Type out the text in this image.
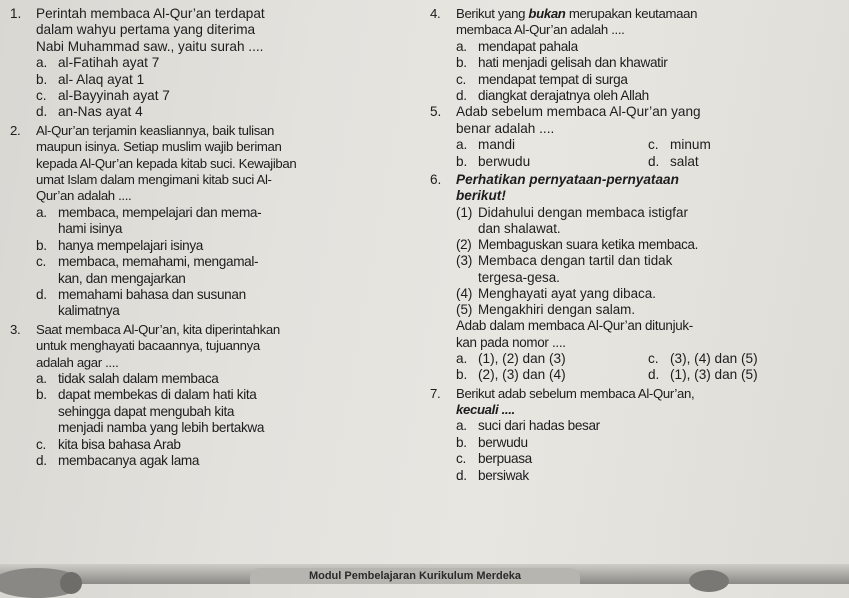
1.	Perintah membaca Al-Qur’an terdapat
dalam wahyu pertama yang diterima
Nabi Muhammad saw., yaitu surah ....
a. al-Fatihah ayat 7
b. al- Alaq ayat 1
c. al-Bayyinah ayat 7
d. an-Nas ayat 4
2.	Al-Qur’an terjamin keasliannya, baik tulisan
maupun isinya. Setiap muslim wajib beriman
kepada Al-Qur’an kepada kitab suci. Kewajiban
umat Islam dalam mengimani kitab suci Al-
Qur’an adalah ....
a. membaca, mempelajari dan mema-
hami isinya
b. hanya mempelajari isinya
c. membaca, memahami, mengamal-
kan, dan mengajarkan
d. memahami bahasa dan susunan
kalimatnya
3.	Saat membaca Al-Qur’an, kita diperintahkan
untuk menghayati bacaannya, tujuannya
adalah agar ....
a. tidak salah dalam membaca
b. dapat membekas di dalam hati kita
sehingga dapat mengubah kita
menjadi namba yang lebih bertakwa
c. kita bisa bahasa Arab
d. membacanya agak lama
4.	Berikut yang bukan merupakan keutamaan
membaca Al-Qur’an adalah ....
a. mendapat pahala
b. hati menjadi gelisah dan khawatir
c. mendapat tempat di surga
d. diangkat derajatnya oleh Allah
5.	Adab sebelum membaca Al-Qur’an yang
benar adalah ....
a. mandi	c. minum
b. berwudu	d. salat
6.	Perhatikan pernyataan-pernyataan
berikut!
(1) Didahului dengan membaca istigfar
dan shalawat.
(2) Membaguskan suara ketika membaca.
(3) Membaca dengan tartil dan tidak
tergesa-gesa.
(4) Menghayati ayat yang dibaca.
(5) Mengakhiri dengan salam.
Adab dalam membaca Al-Qur’an ditunjuk-
kan pada nomor ....
a. (1), (2) dan (3)	c. (3), (4) dan (5)
b. (2), (3) dan (4)	d. (1), (3) dan (5)
7.	Berikut adab sebelum membaca Al-Qur’an,
kecuali ....
a. suci dari hadas besar
b. berwudu
c. berpuasa
d. bersiwak
Modul Pembelajaran Kurikulum Merdeka
